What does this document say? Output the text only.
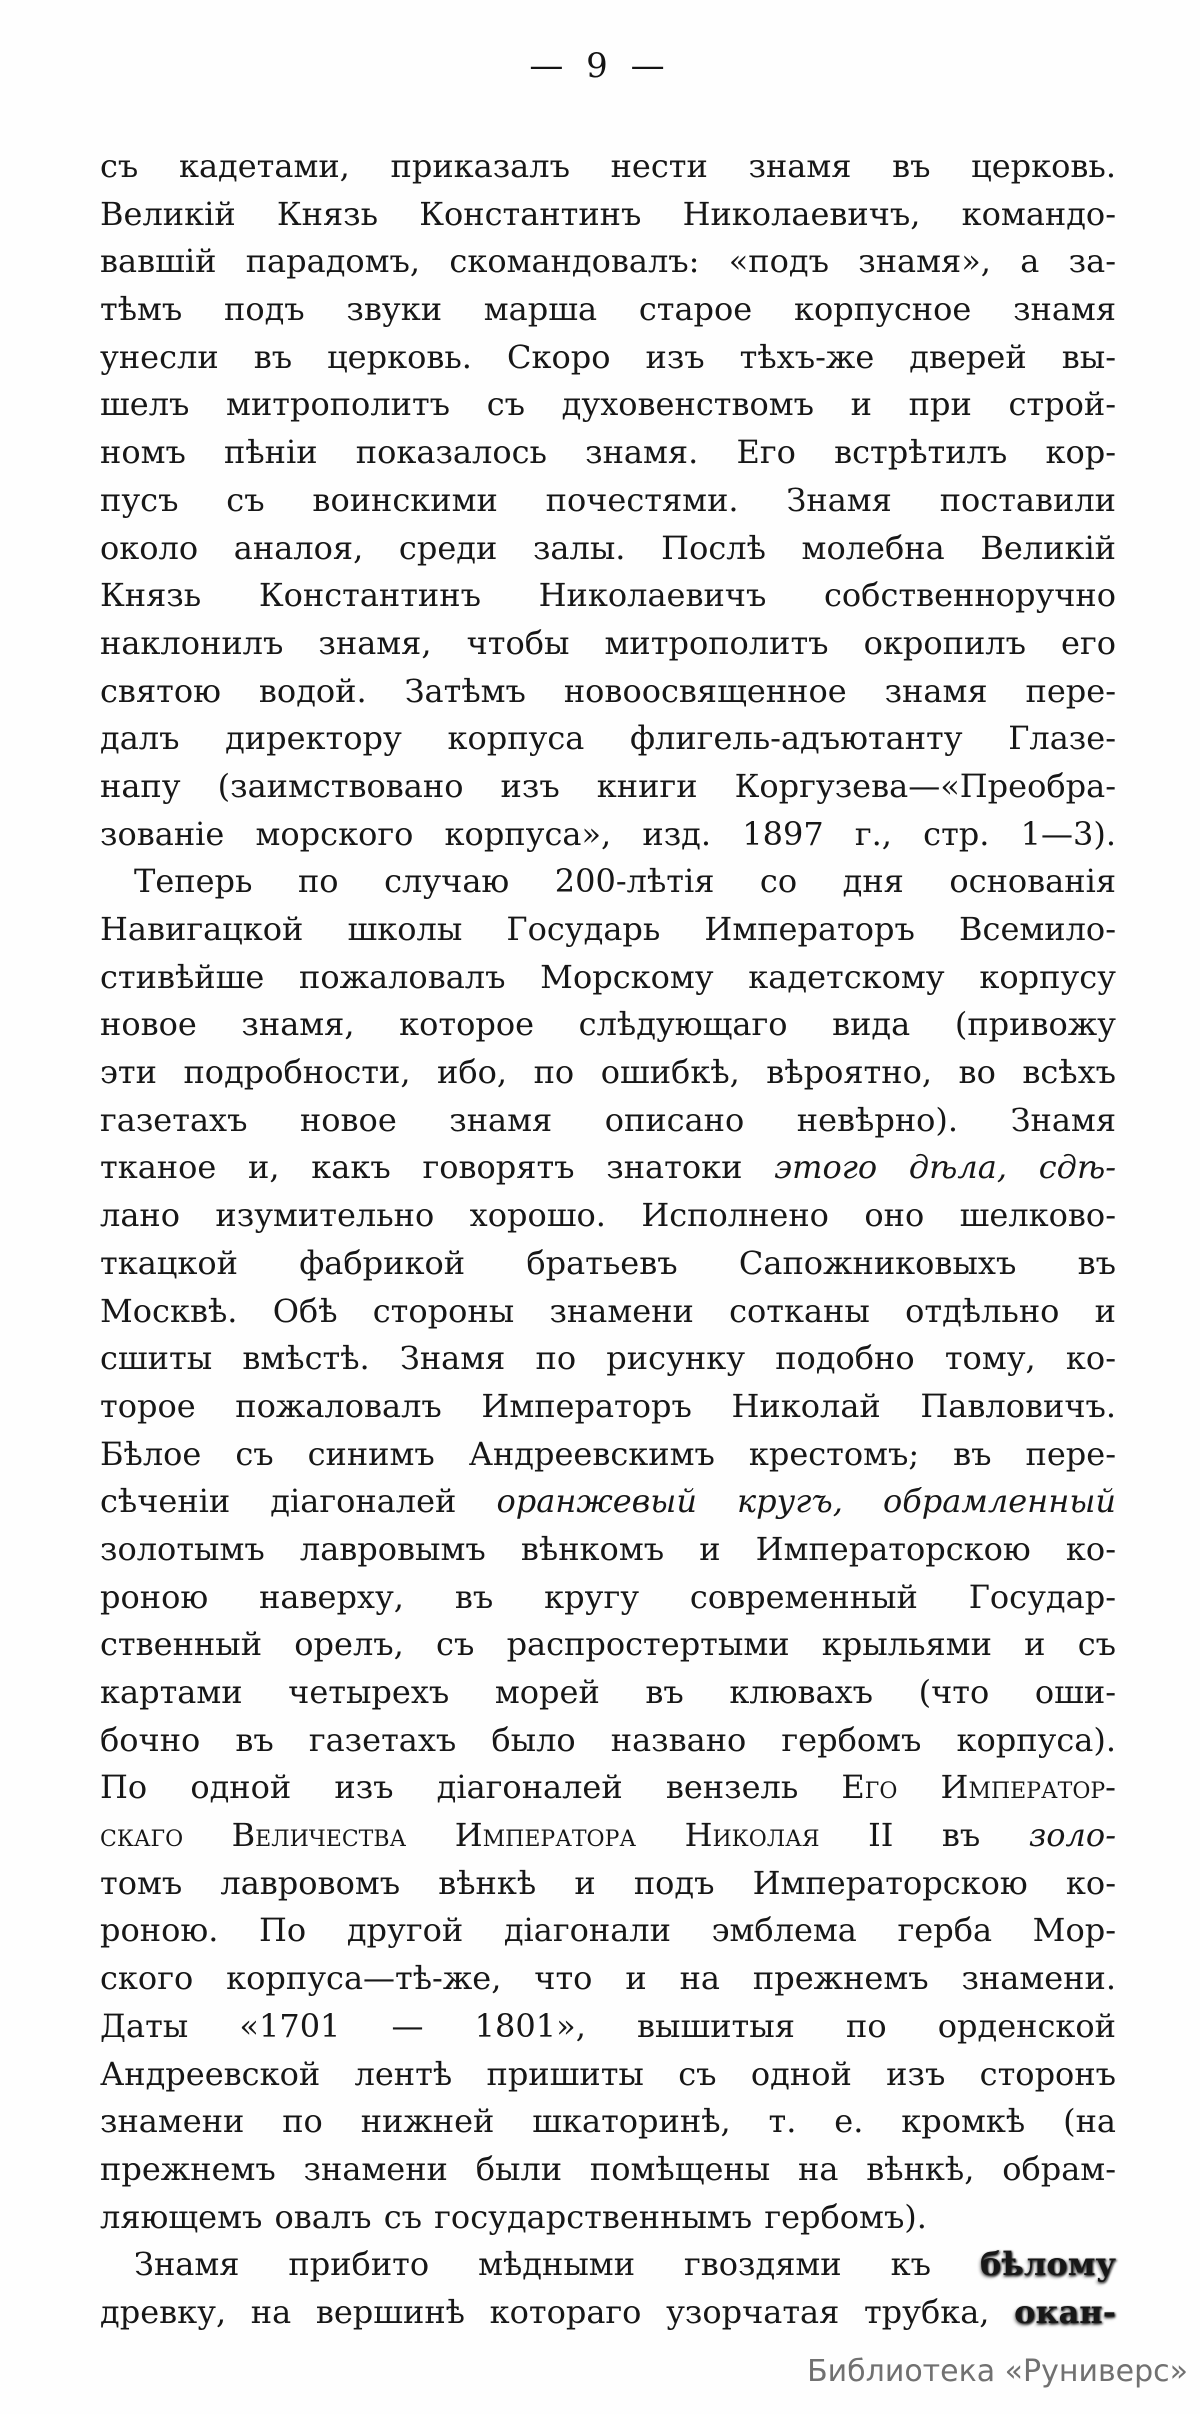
— 9 —
съ кадетами, приказалъ нести знамя въ церковь.
Великій Князь Константинъ Николаевичъ, командо-
вавшій парадомъ, скомандовалъ: «подъ знамя», а за-
тѣмъ подъ звуки марша старое корпусное знамя
унесли въ церковь. Скоро изъ тѣхъ-же дверей вы-
шелъ митрополитъ съ духовенствомъ и при строй-
номъ пѣніи показалось знамя. Его встрѣтилъ кор-
пусъ съ воинскими почестями. Знамя поставили
около аналоя, среди залы. Послѣ молебна Великій
Князь Константинъ Николаевичъ собственноручно
наклонилъ знамя, чтобы митрополитъ окропилъ его
святою водой. Затѣмъ новоосвященное знамя пере-
далъ директору корпуса флигель-адъютанту Глазе-
напу (заимствовано изъ книги Коргузева—«Преобра-
зованіе морского корпуса», изд. 1897 г., стр. 1—3).
Теперь по случаю 200-лѣтія со дня основанія
Навигацкой школы Государь Императоръ Всемило-
стивѣйше пожаловалъ Морскому кадетскому корпусу
новое знамя, которое слѣдующаго вида (привожу
эти подробности, ибо, по ошибкѣ, вѣроятно, во всѣхъ
газетахъ новое знамя описано невѣрно). Знамя
тканое и, какъ говорятъ знатоки этого дѣла, сдѣ-
лано изумительно хорошо. Исполнено оно шелково-
ткацкой фабрикой братьевъ Сапожниковыхъ въ
Москвѣ. Обѣ стороны знамени сотканы отдѣльно и
сшиты вмѣстѣ. Знамя по рисунку подобно тому, ко-
торое пожаловалъ Императоръ Николай Павловичъ.
Бѣлое съ синимъ Андреевскимъ крестомъ; въ пере-
сѣченіи діагоналей оранжевый кругъ, обрамленный
золотымъ лавровымъ вѣнкомъ и Императорскою ко-
роною наверху, въ кругу современный Государ-
ственный орелъ, съ распростертыми крыльями и съ
картами четырехъ морей въ клювахъ (что оши-
бочно въ газетахъ было названо гербомъ корпуса).
По одной изъ діагоналей вензель Его Император-
скаго Величества Императора Николая II въ золо-
томъ лавровомъ вѣнкѣ и подъ Императорскою ко-
роною. По другой діагонали эмблема герба Мор-
ского корпуса—тѣ-же, что и на прежнемъ знамени.
Даты «1701 — 1801», вышитыя по орденской
Андреевской лентѣ пришиты съ одной изъ сторонъ
знамени по нижней шкаторинѣ, т. е. кромкѣ (на
прежнемъ знамени были помѣщены на вѣнкѣ, обрам-
ляющемъ овалъ съ государственнымъ гербомъ).
Знамя прибито мѣдными гвоздями къ бѣлому
древку, на вершинѣ котораго узорчатая трубка, окан-
Библиотека «Руниверс»
